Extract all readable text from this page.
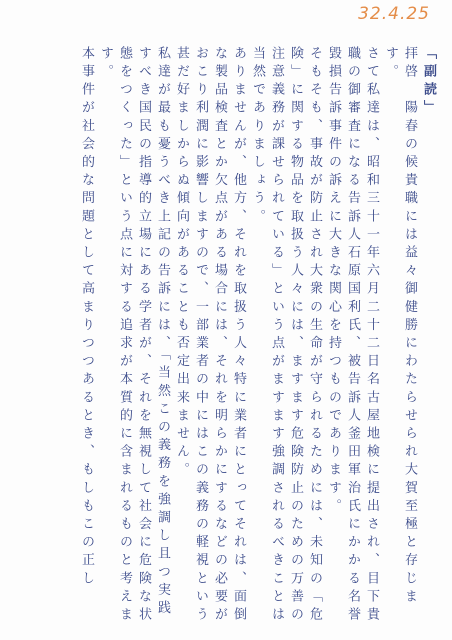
32.4.25

「副読」

拝啓　陽春の候貴職には益々御健勝にわたらせられ大賀至極と存じます。

さて私達は、昭和三十一年六月二十二日名古屋地検に提出され、目下貴職の御審査になる告訴人石原国利氏、被告訴人釜田軍治氏にかかる名誉毀損告訴事件の訴えに大きな関心を持つものであります。

そもそも、事故が防止され大衆の生命が守られるためには、未知の「危険」に関する物品を取扱う人々には、ますます危険防止のための万善の注意義務が課せられている」という点がますます強調されるべきことは当然でありましょう。

ありませんが、他方、それを取扱う人々特に業者にとってそれは、面倒な製品検査とか欠点がある場合には、それを明らかにするなどの必要がおこり利潤に影響しますので、一部業者の中にはこの義務の軽視という甚だ好ましからぬ傾向があることも否定出来ません。

私達が最も憂うべき上記の告訴には、「当然この義務を強調し且つ実践すべき国民の指導的立場にある学者が、それを無視して社会に危険な状態をつくった」という点に対する追求が本質的に含まれるものと考えます。

本事件が社会的な問題として高まりつつあるとき、もしもこの正し
